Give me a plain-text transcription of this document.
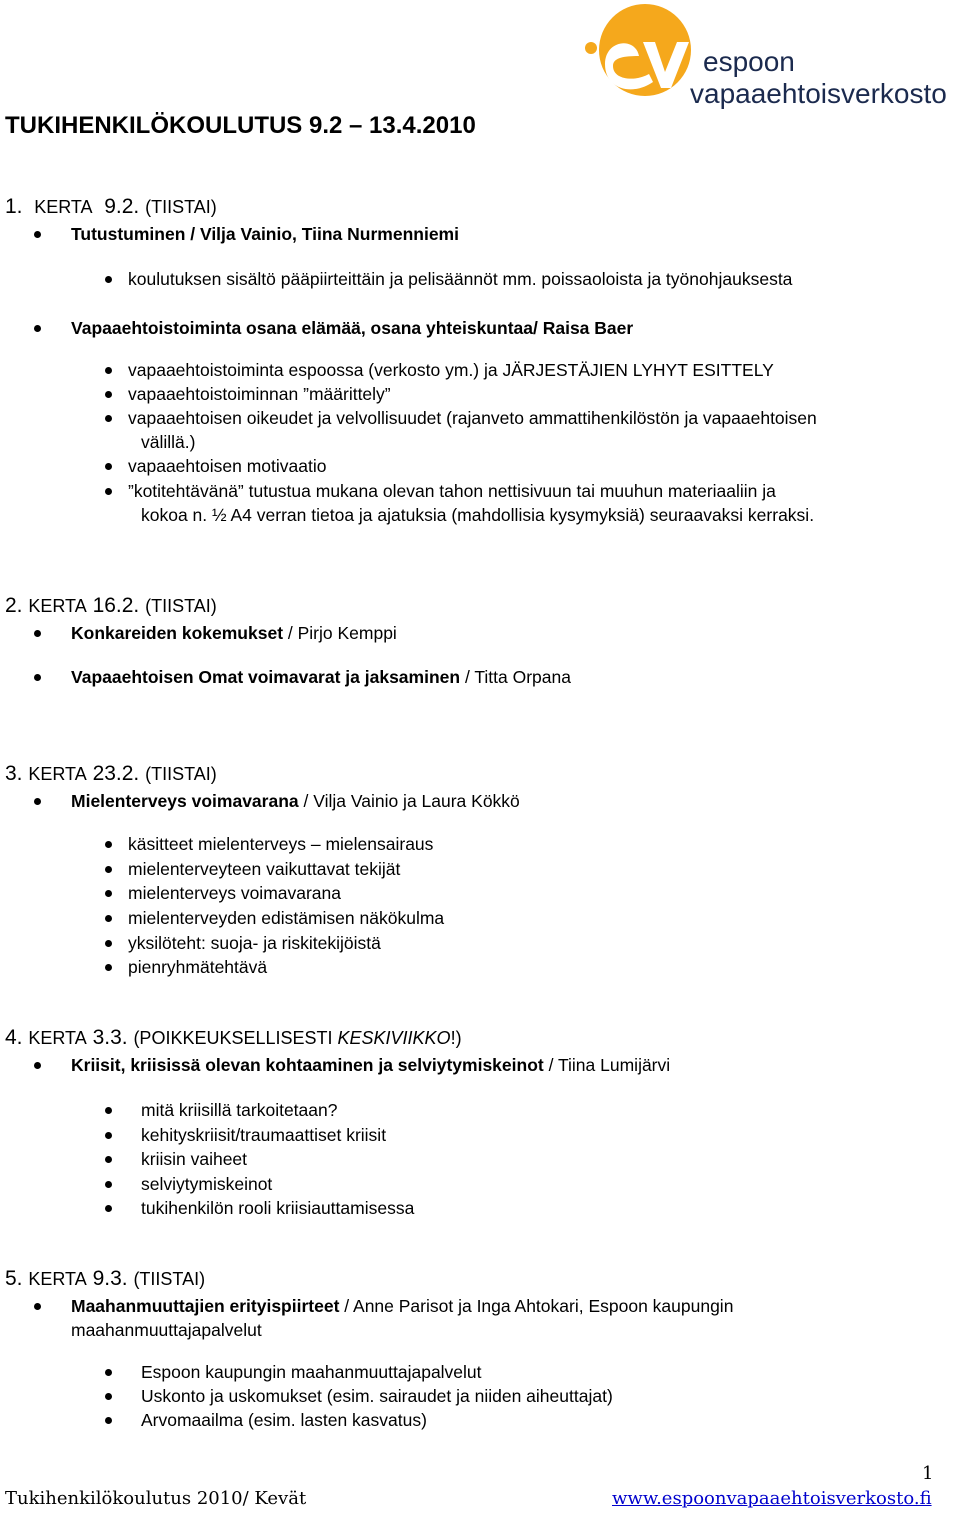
espoon
vapaaehtoisverkosto
TUKIHENKILÖKOULUTUS 9.2 – 13.4.2010
1. KERTA 9.2. (TIISTAI)
Tutustuminen / Vilja Vainio, Tiina Nurmenniemi
koulutuksen sisältö pääpiirteittäin ja pelisäännöt mm. poissaoloista ja työnohjauksesta
Vapaaehtoistoiminta osana elämää, osana yhteiskuntaa/ Raisa Baer
vapaaehtoistoiminta espoossa (verkosto ym.) ja JÄRJESTÄJIEN LYHYT ESITTELY
vapaaehtoistoiminnan ”määrittely”
vapaaehtoisen oikeudet ja velvollisuudet (rajanveto ammattihenkilöstön ja vapaaehtoisen
välillä.)
vapaaehtoisen motivaatio
”kotitehtävänä” tutustua mukana olevan tahon nettisivuun tai muuhun materiaaliin ja
kokoa n. ½ A4 verran tietoa ja ajatuksia (mahdollisia kysymyksiä) seuraavaksi kerraksi.
2. KERTA 16.2. (TIISTAI)
Konkareiden kokemukset / Pirjo Kemppi
Vapaaehtoisen Omat voimavarat ja jaksaminen / Titta Orpana
3. KERTA 23.2. (TIISTAI)
Mielenterveys voimavarana / Vilja Vainio ja Laura Kökkö
käsitteet mielenterveys – mielensairaus
mielenterveyteen vaikuttavat tekijät
mielenterveys voimavarana
mielenterveyden edistämisen näkökulma
yksilöteht: suoja- ja riskitekijöistä
pienryhmätehtävä
4. KERTA 3.3. (POIKKEUKSELLISESTI KESKIVIIKKO!)
Kriisit, kriisissä olevan kohtaaminen ja selviytymiskeinot / Tiina Lumijärvi
mitä kriisillä tarkoitetaan?
kehityskriisit/traumaattiset kriisit
kriisin vaiheet
selviytymiskeinot
tukihenkilön rooli kriisiauttamisessa
5. KERTA 9.3. (TIISTAI)
Maahanmuuttajien erityispiirteet / Anne Parisot ja Inga Ahtokari, Espoon kaupungin
maahanmuuttajapalvelut
Espoon kaupungin maahanmuuttajapalvelut
Uskonto ja uskomukset (esim. sairaudet ja niiden aiheuttajat)
Arvomaailma (esim. lasten kasvatus)
1
Tukihenkilökoulutus 2010/ Kevät	www.espoonvapaaehtoisverkosto.fi
